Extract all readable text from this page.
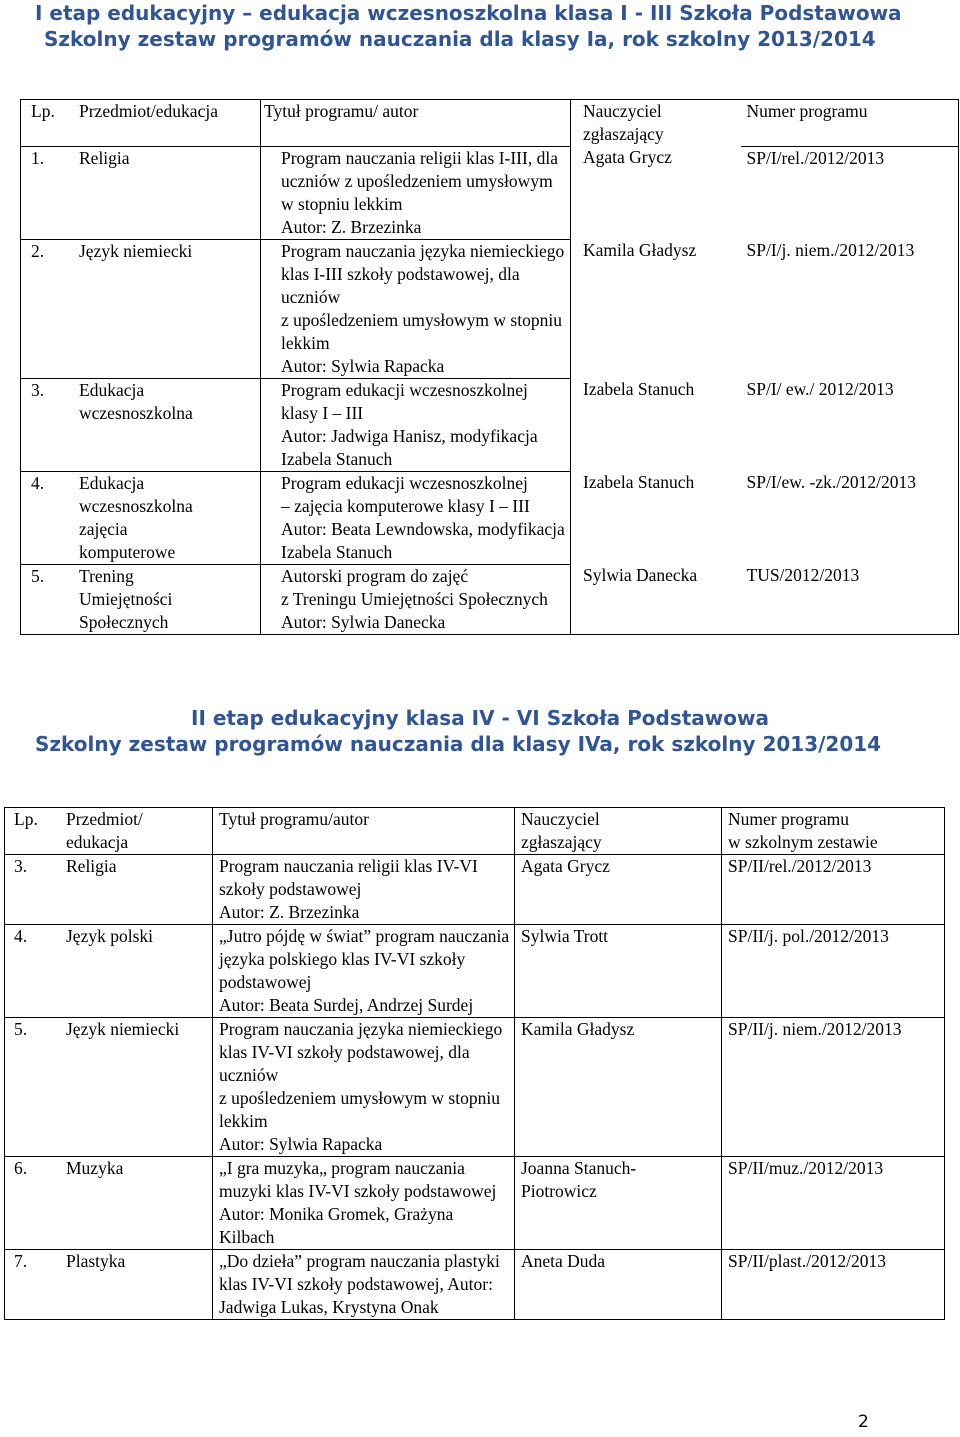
I etap edukacyjny – edukacja wczesnoszkolna klasa I - III Szkoła Podstawowa
Szkolny zestaw programów nauczania dla klasy Ia, rok szkolny 2013/2014
Lp. Przedmiot/edukacja	Tytuł programu/ autor	Nauczyciel zgłaszający	Numer programu

1. Religia	Program nauczania religii klas I-III, dla uczniów z upośledzeniem umysłowym w stopniu lekkim
Autor: Z. Brzezinka	Agata Grycz	SP/I/rel./2012/2013

2. Język niemiecki	Program nauczania języka niemieckiego klas I-III szkoły podstawowej, dla uczniów
z upośledzeniem umysłowym w stopniu lekkim
Autor: Sylwia Rapacka	Kamila Gładysz	SP/I/j. niem./2012/2013

3. Edukacja
wczesnoszkolna	Program edukacji wczesnoszkolnej klasy I – III
Autor: Jadwiga Hanisz, modyfikacja Izabela Stanuch	Izabela Stanuch	SP/I/ ew./ 2012/2013

4. Edukacja
wczesnoszkolna
zajęcia
komputerowe	Program edukacji wczesnoszkolnej
– zajęcia komputerowe klasy I – III
Autor: Beata Lewndowska, modyfikacja Izabela Stanuch	Izabela Stanuch	SP/I/ew. -zk./2012/2013

5. Trening
Umiejętności
Społecznych	Autorski program do zajęć
z Treningu Umiejętności Społecznych
Autor: Sylwia Danecka	Sylwia Danecka	TUS/2012/2013
II etap edukacyjny klasa IV - VI Szkoła Podstawowa
Szkolny zestaw programów nauczania dla klasy IVa, rok szkolny 2013/2014
Lp. Przedmiot/
edukacja	Tytuł programu/autor	Nauczyciel
zgłaszający	Numer programu
w szkolnym zestawie

3. Religia	Program nauczania religii klas IV-VI szkoły podstawowej
Autor: Z. Brzezinka	Agata Grycz	SP/II/rel./2012/2013

4. Język polski	„Jutro pójdę w świat” program nauczania języka polskiego klas IV-VI szkoły podstawowej
Autor: Beata Surdej, Andrzej Surdej	Sylwia Trott	SP/II/j. pol./2012/2013

5. Język niemiecki	Program nauczania języka niemieckiego klas IV-VI szkoły podstawowej, dla uczniów
z upośledzeniem umysłowym w stopniu lekkim
Autor: Sylwia Rapacka	Kamila Gładysz	SP/II/j. niem./2012/2013

6. Muzyka	„I gra muzyka„ program nauczania muzyki klas IV-VI szkoły podstawowej
Autor: Monika Gromek, Grażyna Kilbach	Joanna Stanuch-
Piotrowicz	SP/II/muz./2012/2013

7. Plastyka	„Do dzieła” program nauczania plastyki klas IV-VI szkoły podstawowej, Autor: Jadwiga Lukas, Krystyna Onak	Aneta Duda	SP/II/plast./2012/2013
2
